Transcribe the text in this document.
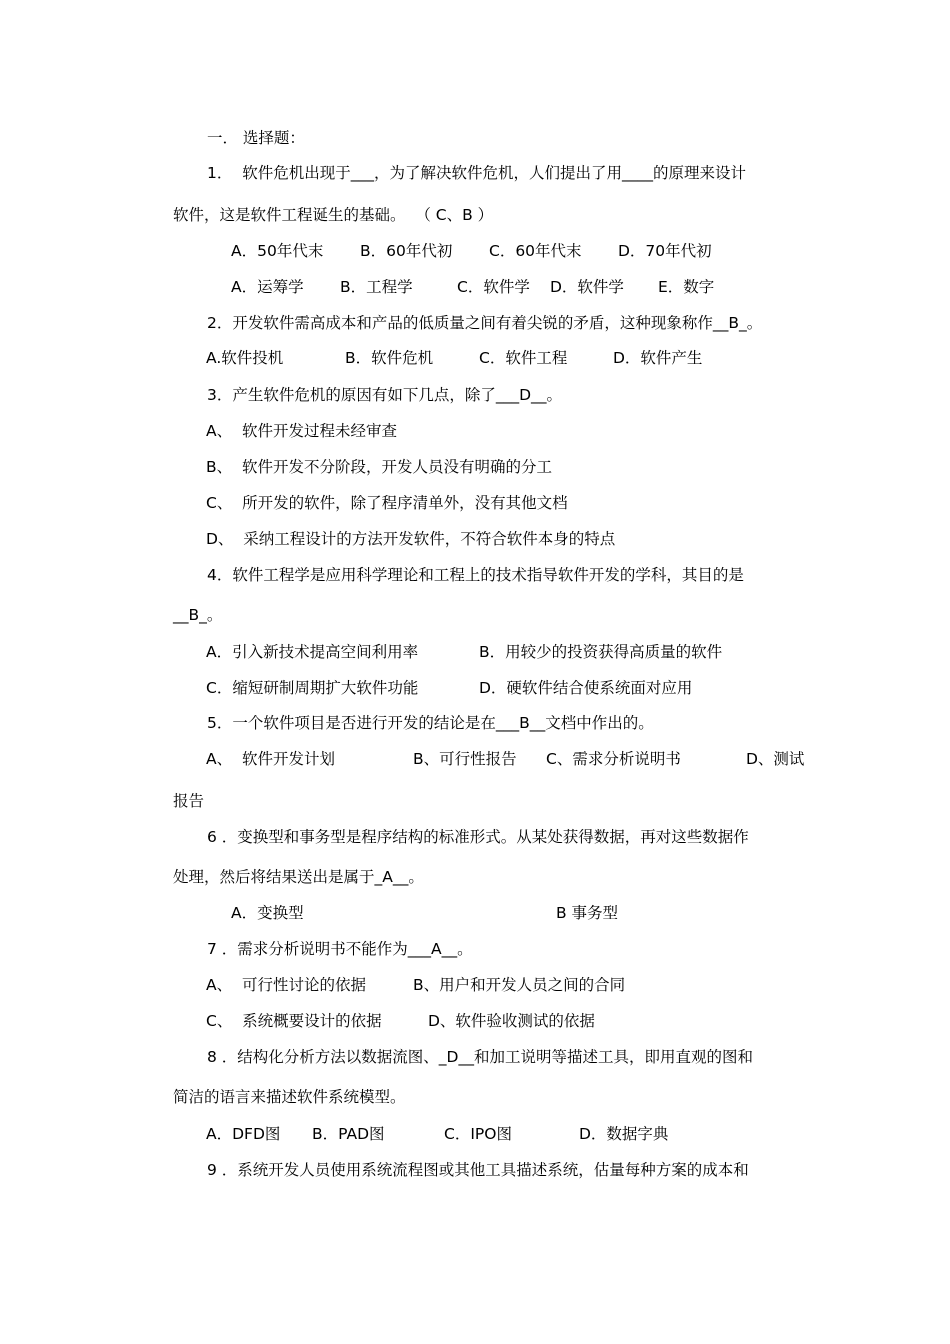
一． 选择题：
1．  软件危机出现于___，为了解决软件危机，人们提出了用____的原理来设计
软件，这是软件工程诞生的基础。  （ C、B ）
A．50年代末 B．60年代初 C．60年代末 D．70年代初
A．运筹学 B．工程学	C．软件学 D．软件学 E．数字
2．开发软件需高成本和产品的低质量之间有着尖锐的矛盾，这种现象称作__B_。
A.软件投机	B．软件危机	C．软件工程	D．软件产生
3．产生软件危机的原因有如下几点，除了___D__。
A、  软件开发过程未经审查
B、  软件开发不分阶段，开发人员没有明确的分工
C、  所开发的软件，除了程序清单外，没有其他文档
D、  采纳工程设计的方法开发软件，不符合软件本身的特点
4．软件工程学是应用科学理论和工程上的技术指导软件开发的学科，其目的是
__B_。
A．引入新技术提高空间利用率	B．用较少的投资获得高质量的软件
C．缩短研制周期扩大软件功能	D．硬软件结合使系统面对应用
5．一个软件项目是否进行开发的结论是在___B__文档中作出的。
A、  软件开发计划	B、可行性报告 C、需求分析说明书	D、测试
报告
6 ．变换型和事务型是程序结构的标准形式。从某处获得数据，再对这些数据作
处理，然后将结果送出是属于_A__。
A．变换型	B 事务型
7 ．需求分析说明书不能作为___A__。
A、  可行性讨论的依据	B、用户和开发人员之间的合同
C、  系统概要设计的依据	D、软件验收测试的依据
8 ．结构化分析方法以数据流图、_D__和加工说明等描述工具，即用直观的图和
简洁的语言来描述软件系统模型。
A．DFD图 B．PAD图	C．IPO图	D．数据字典
9 ．系统开发人员使用系统流程图或其他工具描述系统，估量每种方案的成本和
